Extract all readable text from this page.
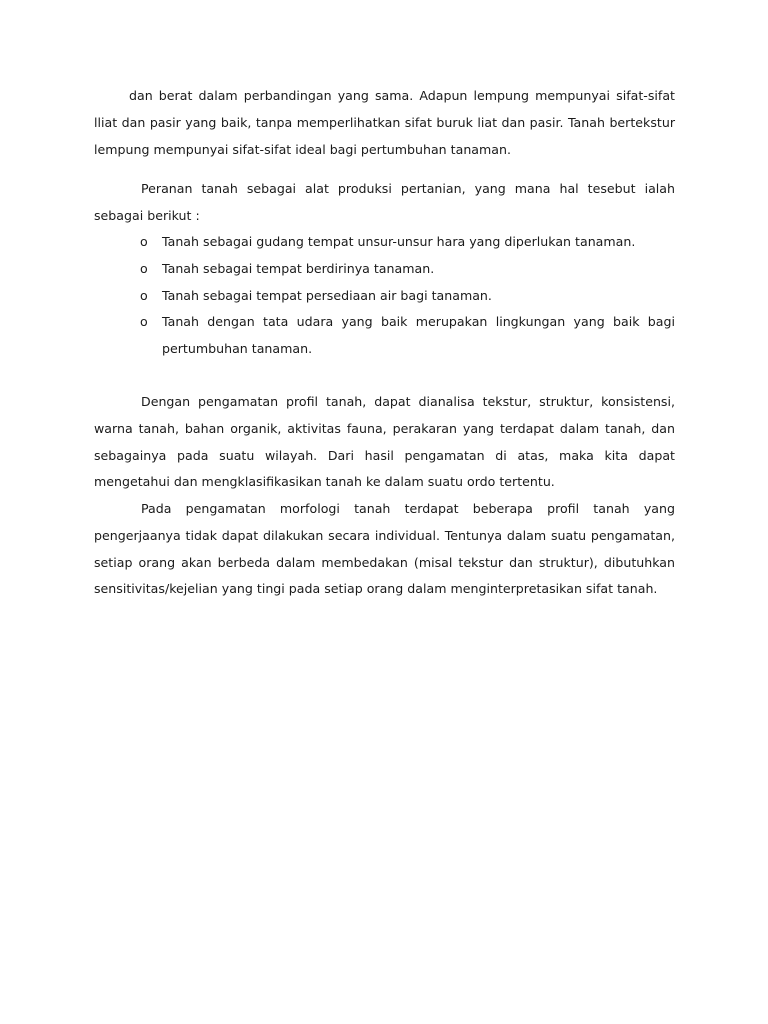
dan berat dalam perbandingan yang sama. Adapun lempung mempunyai sifat-sifat lliat dan pasir yang baik, tanpa memperlihatkan sifat buruk liat dan pasir. Tanah bertekstur lempung mempunyai sifat-sifat ideal bagi pertumbuhan tanaman.

Peranan tanah sebagai alat produksi pertanian, yang mana hal tesebut ialah sebagai berikut :

o Tanah sebagai gudang tempat unsur-unsur hara yang diperlukan tanaman.
o Tanah sebagai tempat berdirinya tanaman.
o Tanah sebagai tempat persediaan air bagi tanaman.
o Tanah dengan tata udara yang baik merupakan lingkungan yang baik bagi pertumbuhan tanaman.

Dengan pengamatan profil tanah, dapat dianalisa tekstur, struktur, konsistensi, warna tanah, bahan organik, aktivitas fauna, perakaran yang terdapat dalam tanah, dan sebagainya pada suatu wilayah. Dari hasil pengamatan di atas, maka kita dapat mengetahui dan mengklasifikasikan tanah ke dalam suatu ordo tertentu.

Pada pengamatan morfologi tanah terdapat beberapa profil tanah yang pengerjaanya tidak dapat dilakukan secara individual. Tentunya dalam suatu pengamatan, setiap orang akan berbeda dalam membedakan (misal tekstur dan struktur), dibutuhkan sensitivitas/kejelian yang tingi pada setiap orang dalam menginterpretasikan sifat tanah.
